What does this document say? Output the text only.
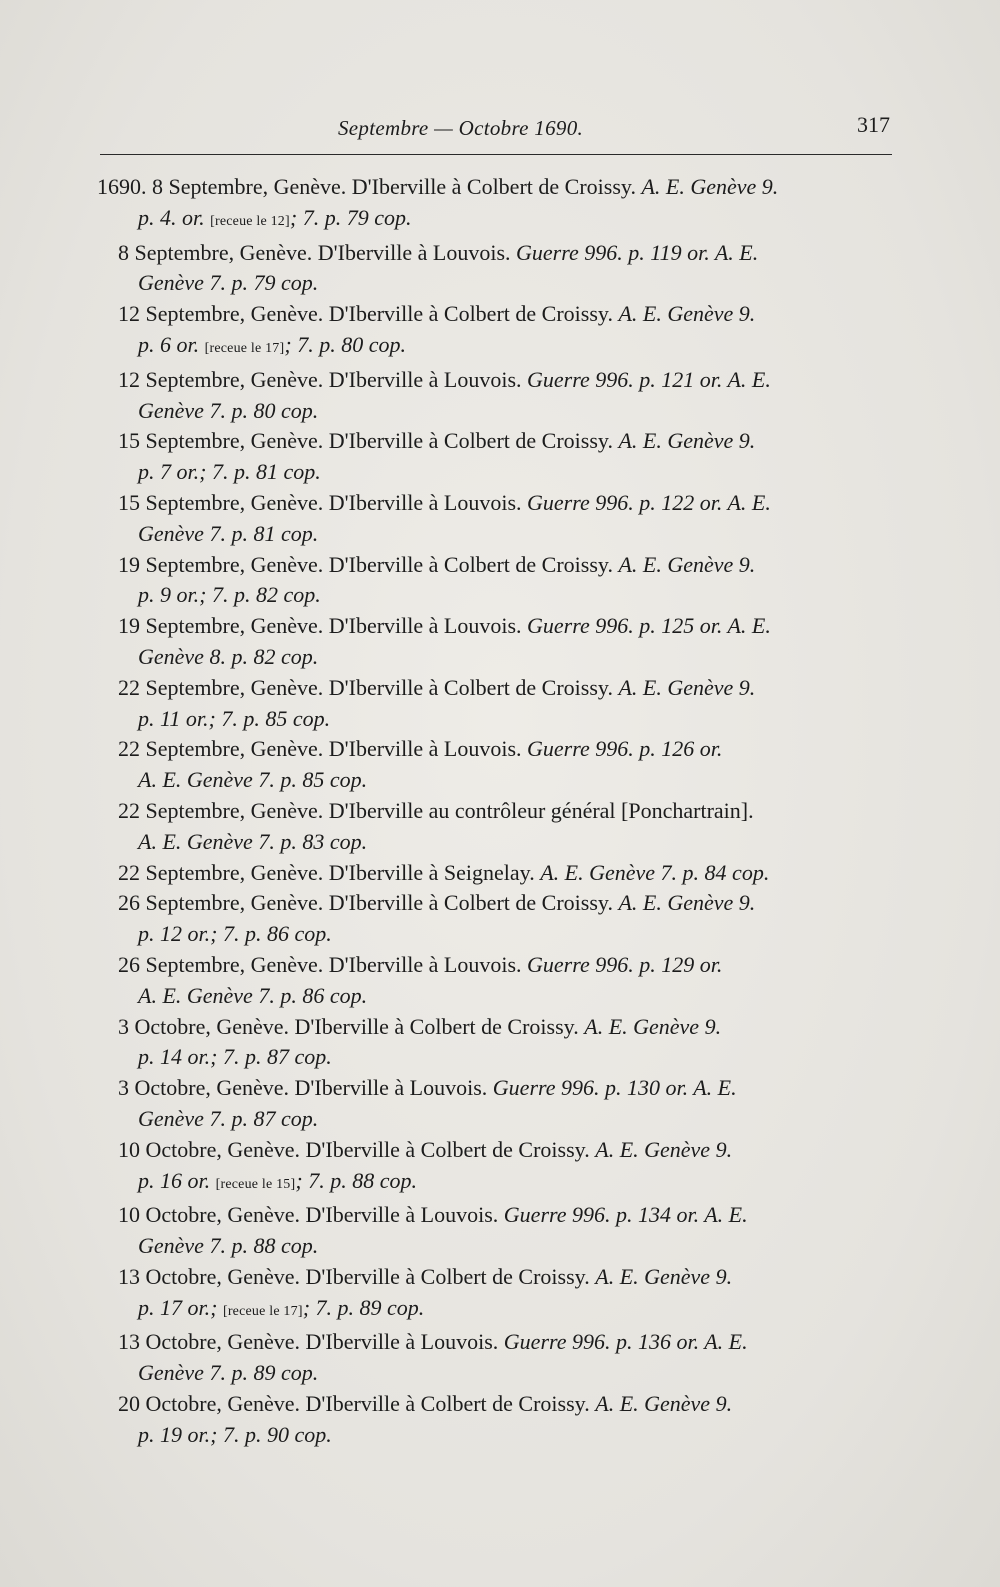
Septembre — Octobre 1690.	317
1690. 8 Septembre, Genève. D'Iberville à Colbert de Croissy. A. E. Genève 9.
p. 4. or. [receue le 12]; 7. p. 79 cop.
8 Septembre, Genève. D'Iberville à Louvois. Guerre 996. p. 119 or. A. E.
Genève 7. p. 79 cop.
12 Septembre, Genève. D'Iberville à Colbert de Croissy. A. E. Genève 9.
p. 6 or. [receue le 17]; 7. p. 80 cop.
12 Septembre, Genève. D'Iberville à Louvois. Guerre 996. p. 121 or. A. E.
Genève 7. p. 80 cop.
15 Septembre, Genève. D'Iberville à Colbert de Croissy. A. E. Genève 9.
p. 7 or.; 7. p. 81 cop.
15 Septembre, Genève. D'Iberville à Louvois. Guerre 996. p. 122 or. A. E.
Genève 7. p. 81 cop.
19 Septembre, Genève. D'Iberville à Colbert de Croissy. A. E. Genève 9.
p. 9 or.; 7. p. 82 cop.
19 Septembre, Genève. D'Iberville à Louvois. Guerre 996. p. 125 or. A. E.
Genève 8. p. 82 cop.
22 Septembre, Genève. D'Iberville à Colbert de Croissy. A. E. Genève 9.
p. 11 or.; 7. p. 85 cop.
22 Septembre, Genève. D'Iberville à Louvois. Guerre 996. p. 126 or.
A. E. Genève 7. p. 85 cop.
22 Septembre, Genève. D'Iberville au contrôleur général [Ponchartrain].
A. E. Genève 7. p. 83 cop.
22 Septembre, Genève. D'Iberville à Seignelay. A. E. Genève 7. p. 84 cop.
26 Septembre, Genève. D'Iberville à Colbert de Croissy. A. E. Genève 9.
p. 12 or.; 7. p. 86 cop.
26 Septembre, Genève. D'Iberville à Louvois. Guerre 996. p. 129 or.
A. E. Genève 7. p. 86 cop.
3 Octobre, Genève. D'Iberville à Colbert de Croissy. A. E. Genève 9.
p. 14 or.; 7. p. 87 cop.
3 Octobre, Genève. D'Iberville à Louvois. Guerre 996. p. 130 or. A. E.
Genève 7. p. 87 cop.
10 Octobre, Genève. D'Iberville à Colbert de Croissy. A. E. Genève 9.
p. 16 or. [receue le 15]; 7. p. 88 cop.
10 Octobre, Genève. D'Iberville à Louvois. Guerre 996. p. 134 or. A. E.
Genève 7. p. 88 cop.
13 Octobre, Genève. D'Iberville à Colbert de Croissy. A. E. Genève 9.
p. 17 or.; [receue le 17]; 7. p. 89 cop.
13 Octobre, Genève. D'Iberville à Louvois. Guerre 996. p. 136 or. A. E.
Genève 7. p. 89 cop.
20 Octobre, Genève. D'Iberville à Colbert de Croissy. A. E. Genève 9.
p. 19 or.; 7. p. 90 cop.
